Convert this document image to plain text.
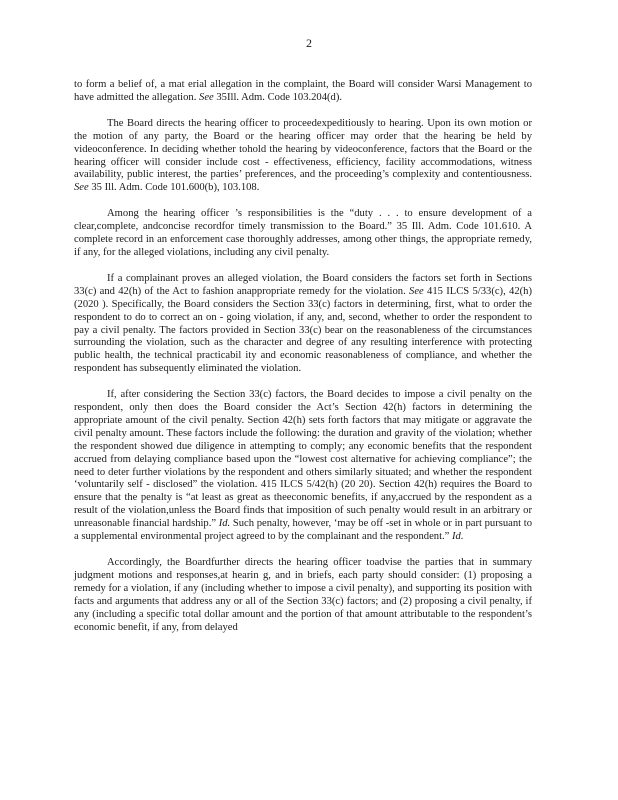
2

to form a belief of, a mat erial allegation in the complaint, the Board will consider Warsi Management to have admitted the allegation. See 35Ill. Adm. Code 103.204(d).

The Board directs the hearing officer to proceedexpeditiously to hearing. Upon its own motion or the motion of any party, the Board or the hearing officer may order that the hearing be held by videoconference. In deciding whether tohold the hearing by videoconference, factors that the Board or the hearing officer will consider include cost - effectiveness, efficiency, facility accommodations, witness availability, public interest, the parties’ preferences, and the proceeding’s complexity and contentiousness. See 35 Ill. Adm. Code 101.600(b), 103.108.

Among the hearing officer ’s responsibilities is the “duty . . . to ensure development of a clear,complete, andconcise recordfor timely transmission to the Board.” 35 Ill. Adm. Code 101.610. A complete record in an enforcement case thoroughly addresses, among other things, the appropriate remedy, if any, for the alleged violations, including any civil penalty.

If a complainant proves an alleged violation, the Board considers the factors set forth in Sections 33(c) and 42(h) of the Act to fashion anappropriate remedy for the violation. See 415 ILCS 5/33(c), 42(h) (2020 ). Specifically, the Board considers the Section 33(c) factors in determining, first, what to order the respondent to do to correct an on - going violation, if any, and, second, whether to order the respondent to pay a civil penalty. The factors provided in Section 33(c) bear on the reasonableness of the circumstances surrounding the violation, such as the character and degree of any resulting interference with protecting public health, the technical practicabil ity and economic reasonableness of compliance, and whether the respondent has subsequently eliminated the violation.

If, after considering the Section 33(c) factors, the Board decides to impose a civil penalty on the respondent, only then does the Board consider the Act’s Section 42(h) factors in determining the appropriate amount of the civil penalty. Section 42(h) sets forth factors that may mitigate or aggravate the civil penalty amount. These factors include the following: the duration and gravity of the violation; whether the respondent showed due diligence in attempting to comply; any economic benefits that the respondent accrued from delaying compliance based upon the “lowest cost alternative for achieving compliance”; the need to deter further violations by the respondent and others similarly situated; and whether the respondent ‘voluntarily self - disclosed” the violation. 415 ILCS 5/42(h) (20 20). Section 42(h) requires the Board to ensure that the penalty is “at least as great as theeconomic benefits, if any,accrued by the respondent as a result of the violation,unless the Board finds that imposition of such penalty would result in an arbitrary or unreasonable financial hardship.” Id. Such penalty, however, ‘may be off -set in whole or in part pursuant to a supplemental environmental project agreed to by the complainant and the respondent.” Id.

Accordingly, the Boardfurther directs the hearing officer toadvise the parties that in summary judgment motions and responses,at hearin g, and in briefs, each party should consider: (1) proposing a remedy for a violation, if any (including whether to impose a civil penalty), and supporting its position with facts and arguments that address any or all of the Section 33(c) factors; and (2) proposing a civil penalty, if any (including a specific total dollar amount and the portion of that amount attributable to the respondent’s economic benefit, if any, from delayed
